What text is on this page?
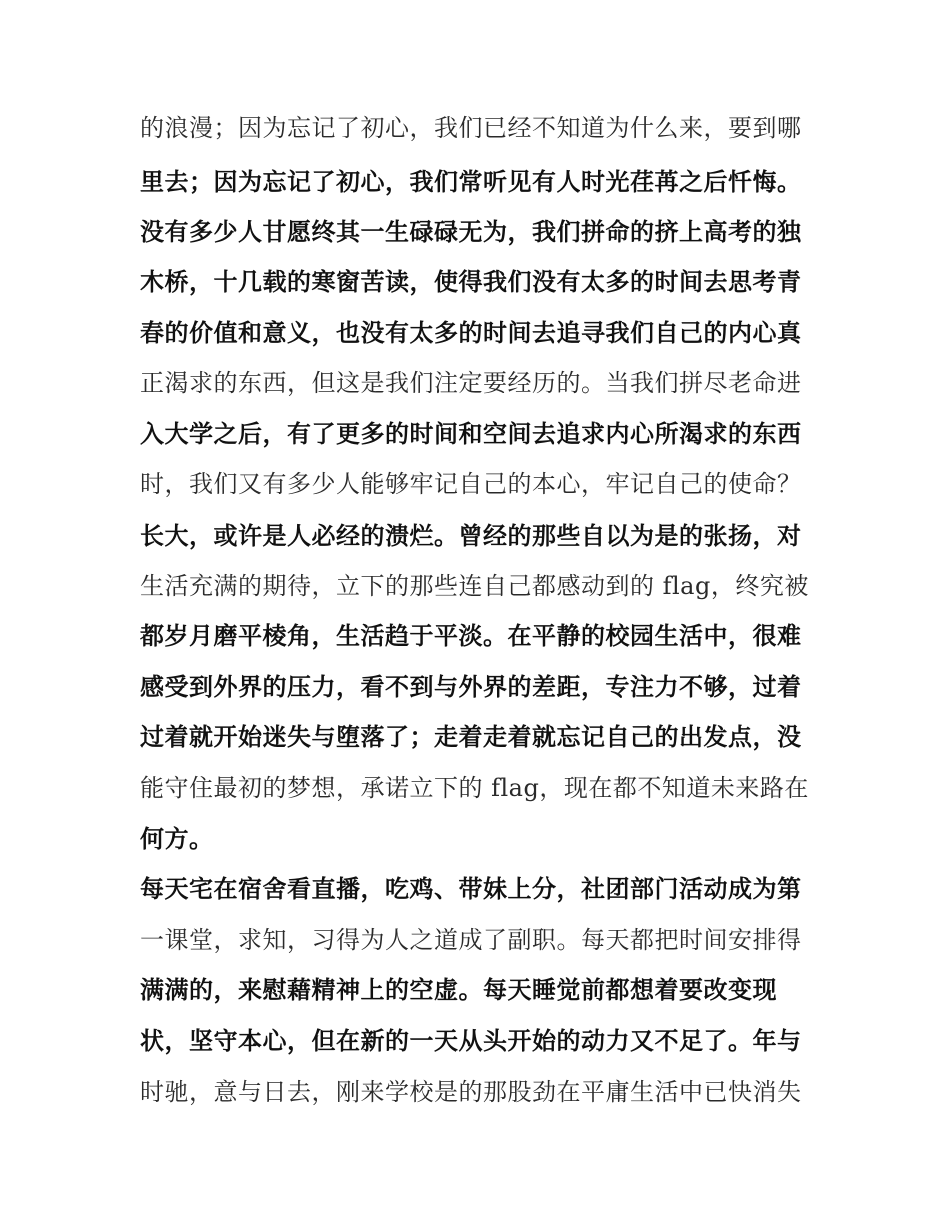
的浪漫；因为忘记了初心，我们已经不知道为什么来，要到哪
里去；因为忘记了初心，我们常听见有人时光荏苒之后忏悔。
没有多少人甘愿终其一生碌碌无为，我们拼命的挤上高考的独
木桥，十几载的寒窗苦读，使得我们没有太多的时间去思考青
春的价值和意义，也没有太多的时间去追寻我们自己的内心真
正渴求的东西，但这是我们注定要经历的。当我们拼尽老命进
入大学之后，有了更多的时间和空间去追求内心所渴求的东西
时，我们又有多少人能够牢记自己的本心，牢记自己的使命？
长大，或许是人必经的溃烂。曾经的那些自以为是的张扬，对
生活充满的期待，立下的那些连自己都感动到的 flag，终究被
都岁月磨平棱角，生活趋于平淡。在平静的校园生活中，很难
感受到外界的压力，看不到与外界的差距，专注力不够，过着
过着就开始迷失与堕落了；走着走着就忘记自己的出发点，没
能守住最初的梦想，承诺立下的 flag，现在都不知道未来路在
何方。
每天宅在宿舍看直播，吃鸡、带妹上分，社团部门活动成为第
一课堂，求知，习得为人之道成了副职。每天都把时间安排得
满满的，来慰藉精神上的空虚。每天睡觉前都想着要改变现
状，坚守本心，但在新的一天从头开始的动力又不足了。年与
时驰，意与日去，刚来学校是的那股劲在平庸生活中已快消失
